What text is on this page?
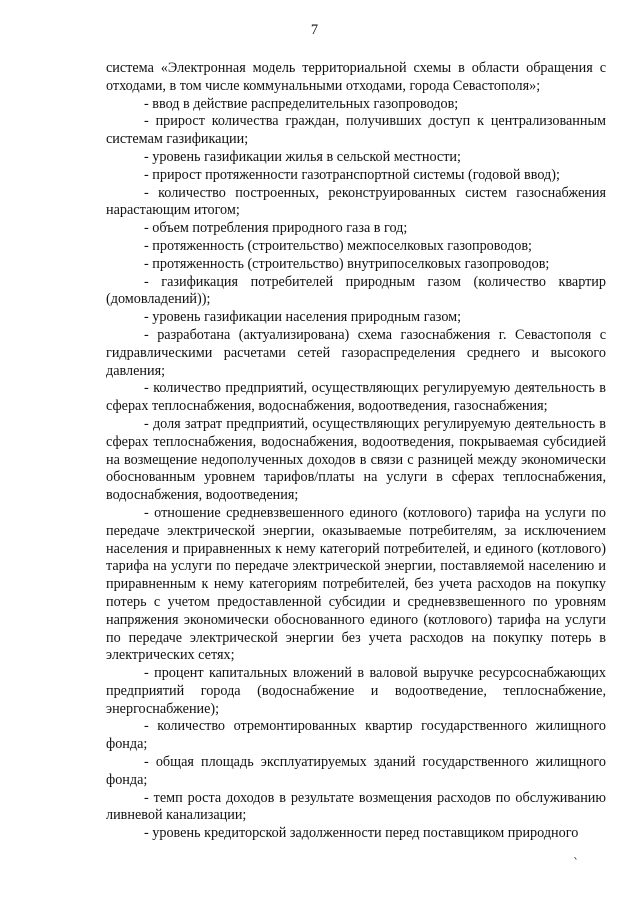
7

система «Электронная модель территориальной схемы в области обращения с отходами, в том числе коммунальными отходами, города Севастополя»;

- ввод в действие распределительных газопроводов;

- прирост количества граждан, получивших доступ к централизованным системам газификации;

- уровень газификации жилья в сельской местности;

- прирост протяженности газотранспортной системы (годовой ввод);

- количество построенных, реконструированных систем газоснабжения нарастающим итогом;

- объем потребления природного газа в год;

- протяженность (строительство) межпоселковых газопроводов;

- протяженность (строительство) внутрипоселковых газопроводов;

- газификация потребителей природным газом (количество квартир (домовладений));

- уровень газификации населения природным газом;

- разработана (актуализирована) схема газоснабжения г. Севастополя с гидравлическими расчетами сетей газораспределения среднего и высокого давления;

- количество предприятий, осуществляющих регулируемую деятельность в сферах теплоснабжения, водоснабжения, водоотведения, газоснабжения;

- доля затрат предприятий, осуществляющих регулируемую деятельность в сферах теплоснабжения, водоснабжения, водоотведения, покрываемая субсидией на возмещение недополученных доходов в связи с разницей между экономически обоснованным уровнем тарифов/платы на услуги в сферах теплоснабжения, водоснабжения, водоотведения;

- отношение средневзвешенного единого (котлового) тарифа на услуги по передаче электрической энергии, оказываемые потребителям, за исключением населения и приравненных к нему категорий потребителей, и единого (котлового) тарифа на услуги по передаче электрической энергии, поставляемой населению и приравненным к нему категориям потребителей, без учета расходов на покупку потерь с учетом предоставленной субсидии и средневзвешенного по уровням напряжения экономически обоснованного единого (котлового) тарифа на услуги по передаче электрической энергии без учета расходов на покупку потерь в электрических сетях;

- процент капитальных вложений в валовой выручке ресурсоснабжающих предприятий города (водоснабжение и водоотведение, теплоснабжение, энергоснабжение);

- количество отремонтированных квартир государственного жилищного фонда;

- общая площадь эксплуатируемых зданий государственного жилищного фонда;

- темп роста доходов в результате возмещения расходов по обслуживанию ливневой канализации;

- уровень кредиторской задолженности перед поставщиком природного

ˋ
